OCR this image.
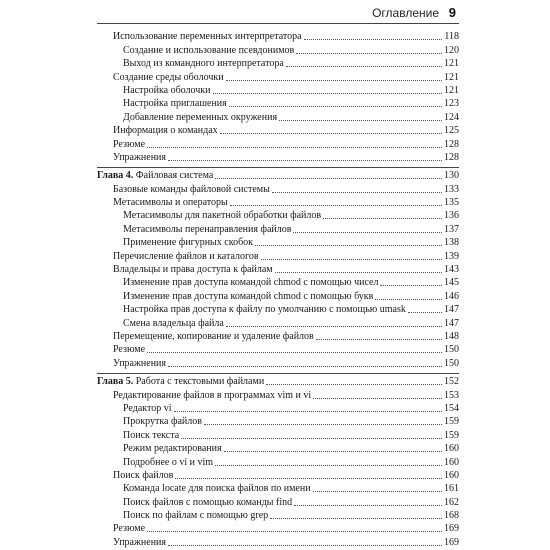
Оглавление 9
Использование переменных интерпретатора	118
Создание и использование псевдонимов	120
Выход из командного интерпретатора	121
Создание среды оболочки	121
Настройка оболочки	121
Настройка приглашения	123
Добавление переменных окружения	124
Информация о командах	125
Резюме	128
Упражнения	128
Глава 4. Файловая система	130
Базовые команды файловой системы	133
Метасимволы и операторы	135
Метасимволы для пакетной обработки файлов	136
Метасимволы перенаправления файлов	137
Применение фигурных скобок	138
Перечисление файлов и каталогов	139
Владельцы и права доступа к файлам	143
Изменение прав доступа командой chmod с помощью чисел	145
Изменение прав доступа командой chmod с помощью букв	146
Настройка прав доступа к файлу по умолчанию с помощью umask	147
Смена владельца файла	147
Перемещение, копирование и удаление файлов	148
Резюме	150
Упражнения	150
Глава 5. Работа с текстовыми файлами	152
Редактирование файлов в программах vim и vi	153
Редактор vi	154
Прокрутка файлов	159
Поиск текста	159
Режим редактирования	160
Подробнее о vi и vim	160
Поиск файлов	160
Команда locate для поиска файлов по имени	161
Поиск файлов с помощью команды find	162
Поиск по файлам с помощью grep	168
Резюме	169
Упражнения	169
